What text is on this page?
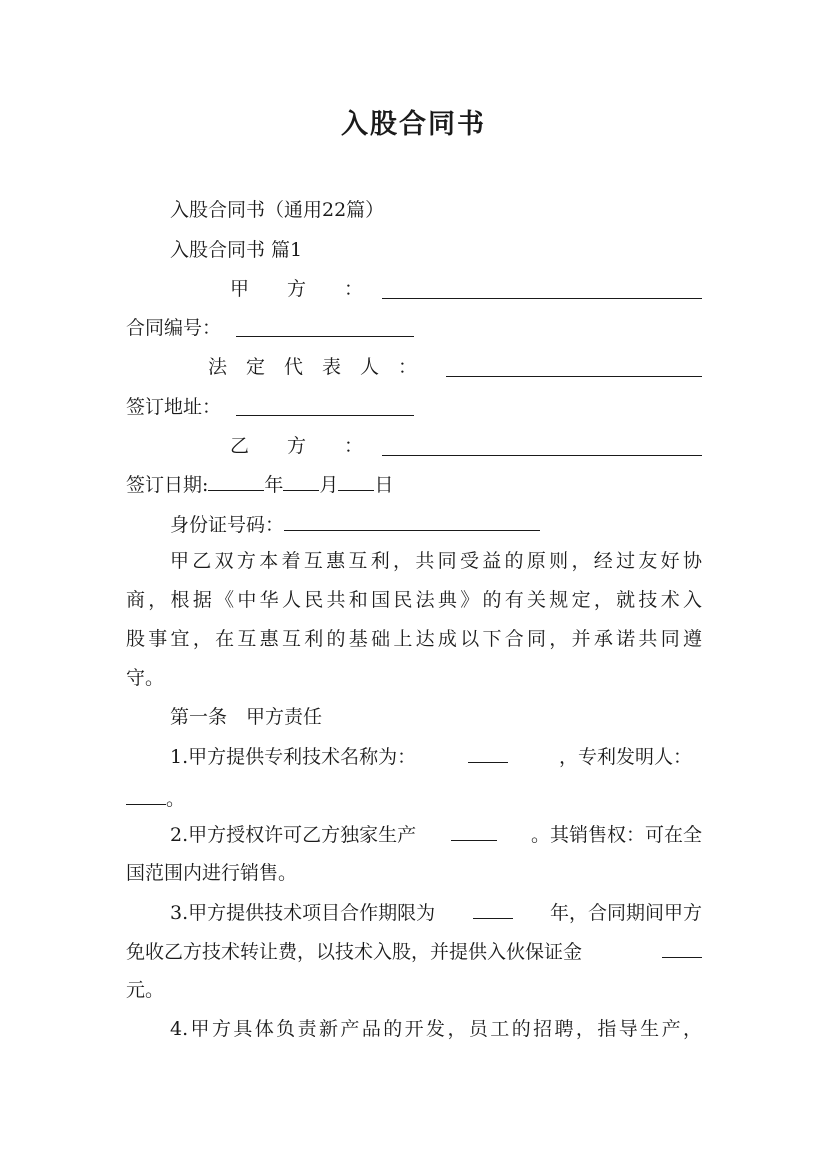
入股合同书
入股合同书（通用22篇）
入股合同书 篇1
甲　　方　　：
合同编号：
法　定　代　表　人　：
签订地址：
乙　　方　　：
签订日期:	年 月 日
身份证号码：
甲乙双方本着互惠互利，共同受益的原则，经过友好协
商，根据《中华人民共和国民法典》的有关规定，就技术入
股事宜，在互惠互利的基础上达成以下合同，并承诺共同遵
守。
第一条　甲方责任
1.甲方提供专利技术名称为：	，专利发明人：
。
2.甲方授权许可乙方独家生产	。其销售权：可在全
国范围内进行销售。
3.甲方提供技术项目合作期限为	年，合同期间甲方
免收乙方技术转让费，以技术入股，并提供入伙保证金
元。
4.甲方具体负责新产品的开发，员工的招聘，指导生产，
